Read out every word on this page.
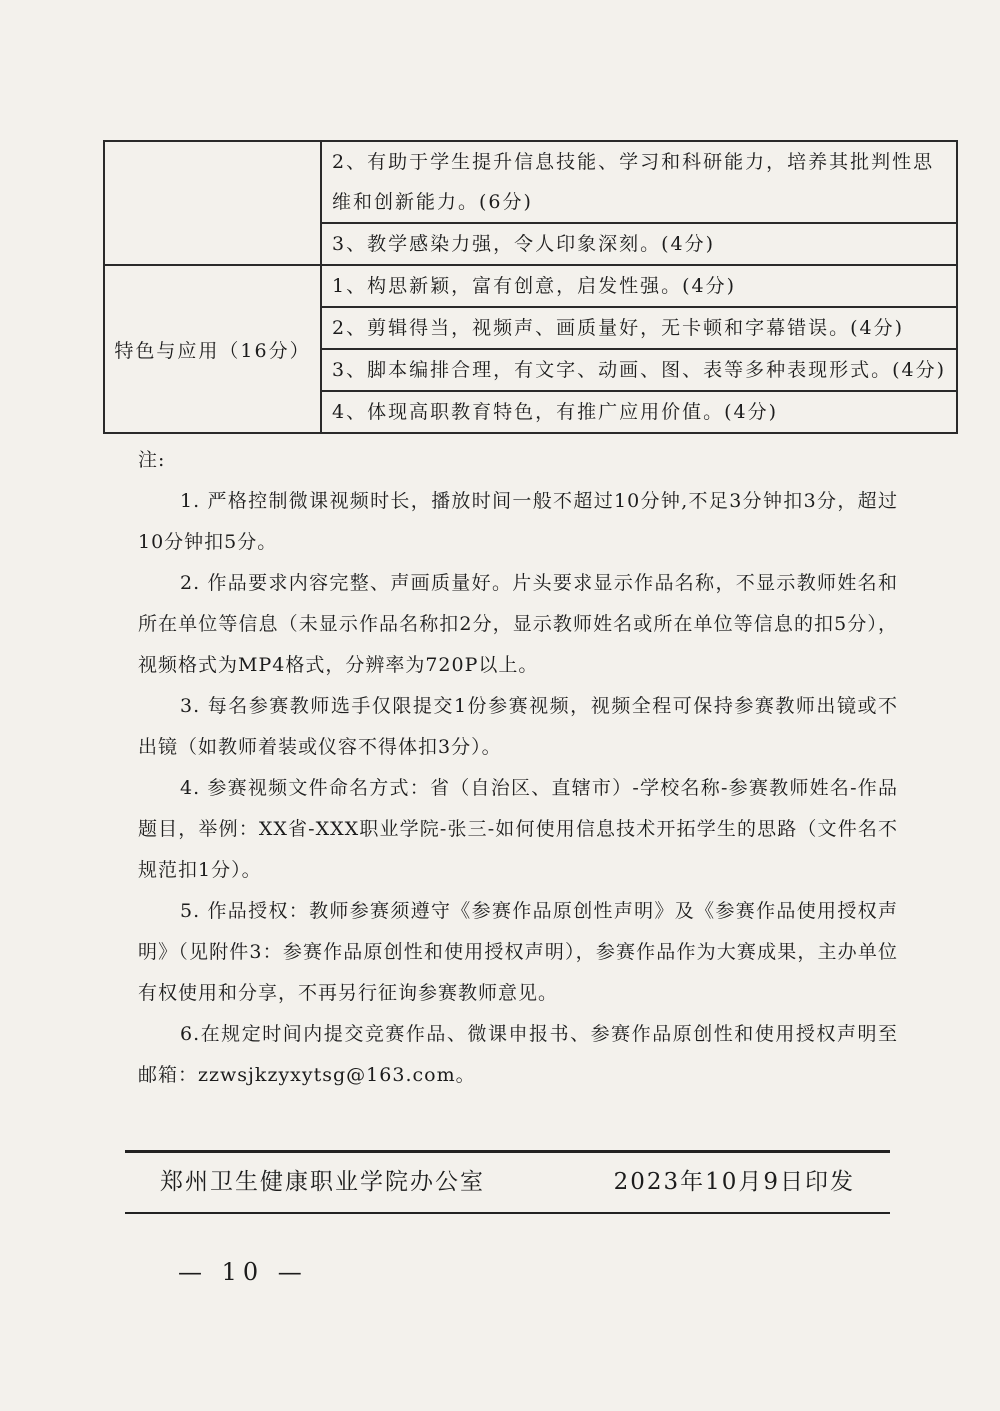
	2、有助于学生提升信息技能、学习和科研能力，培养其批判性思维和创新能力。(6分)
	3、教学感染力强，令人印象深刻。(4分)
特色与应用（16分）	1、构思新颖，富有创意，启发性强。(4分)
	2、剪辑得当，视频声、画质量好，无卡顿和字幕错误。(4分)
	3、脚本编排合理，有文字、动画、图、表等多种表现形式。(4分)
	4、体现高职教育特色，有推广应用价值。(4分)

注:

1. 严格控制微课视频时长，播放时间一般不超过10分钟,不足3分钟扣3分，超过10分钟扣5分。

2. 作品要求内容完整、声画质量好。片头要求显示作品名称，不显示教师姓名和所在单位等信息（未显示作品名称扣2分，显示教师姓名或所在单位等信息的扣5分），视频格式为MP4格式，分辨率为720P以上。

3. 每名参赛教师选手仅限提交1份参赛视频，视频全程可保持参赛教师出镜或不出镜（如教师着装或仪容不得体扣3分）。

4. 参赛视频文件命名方式：省（自治区、直辖市）-学校名称-参赛教师姓名-作品题目，举例：XX省-XXX职业学院-张三-如何使用信息技术开拓学生的思路（文件名不规范扣1分）。

5. 作品授权：教师参赛须遵守《参赛作品原创性声明》及《参赛作品使用授权声明》（见附件3：参赛作品原创性和使用授权声明），参赛作品作为大赛成果，主办单位有权使用和分享，不再另行征询参赛教师意见。

6.在规定时间内提交竞赛作品、微课申报书、参赛作品原创性和使用授权声明至邮箱：zzwsjkzyxytsg@163.com。

郑州卫生健康职业学院办公室	2023年10月9日印发
— 10 —
